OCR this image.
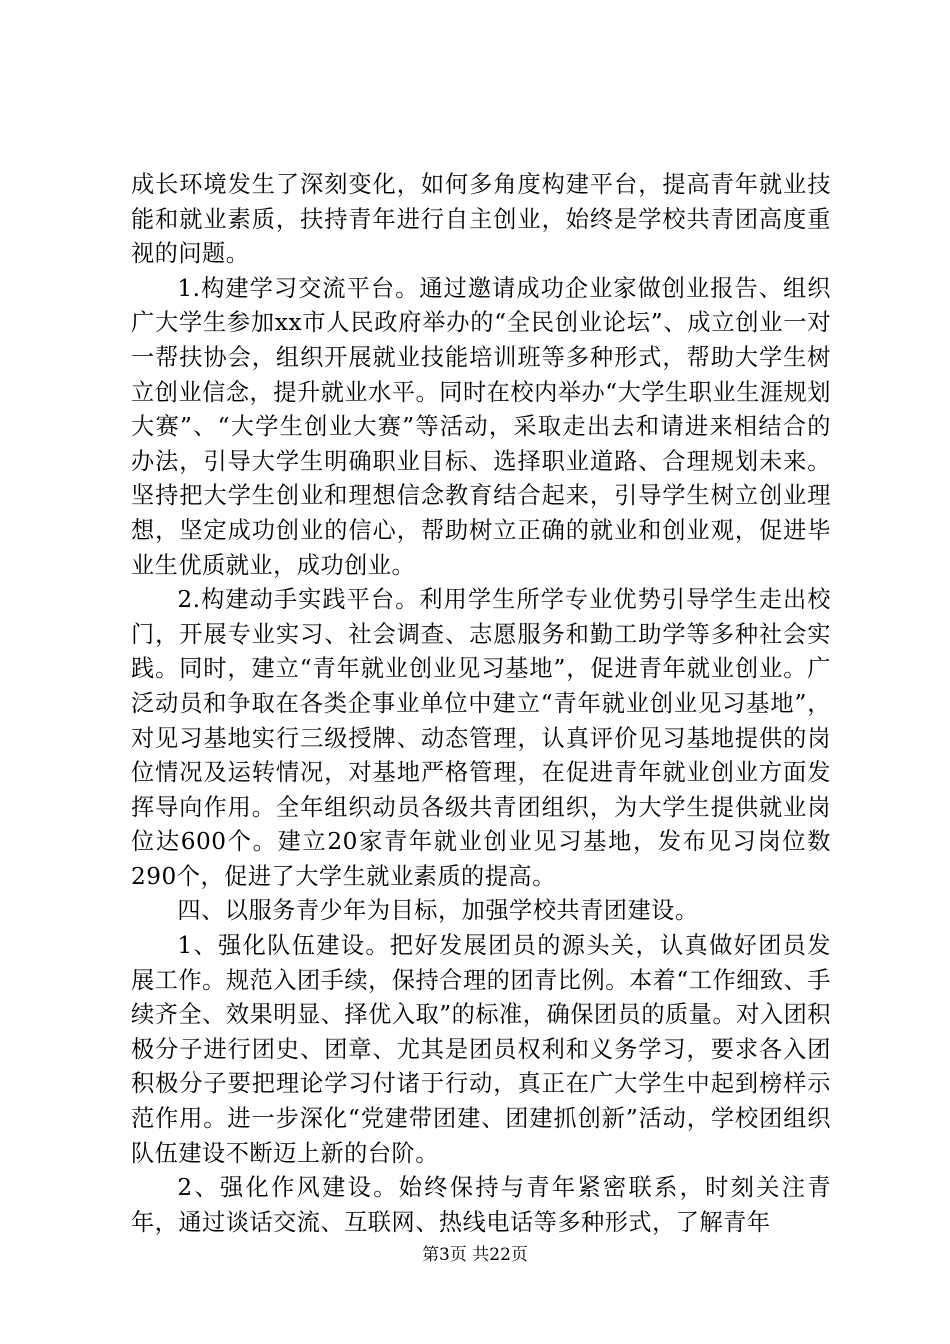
成长环境发生了深刻变化，如何多角度构建平台，提高青年就业技能和就业素质，扶持青年进行自主创业，始终是学校共青团高度重视的问题。

1.构建学习交流平台。通过邀请成功企业家做创业报告、组织广大学生参加xx市人民政府举办的“全民创业论坛”、成立创业一对一帮扶协会，组织开展就业技能培训班等多种形式，帮助大学生树立创业信念，提升就业水平。同时在校内举办“大学生职业生涯规划大赛”、“大学生创业大赛”等活动，采取走出去和请进来相结合的办法，引导大学生明确职业目标、选择职业道路、合理规划未来。坚持把大学生创业和理想信念教育结合起来，引导学生树立创业理想，坚定成功创业的信心，帮助树立正确的就业和创业观，促进毕业生优质就业，成功创业。

2.构建动手实践平台。利用学生所学专业优势引导学生走出校门，开展专业实习、社会调查、志愿服务和勤工助学等多种社会实践。同时，建立“青年就业创业见习基地”，促进青年就业创业。广泛动员和争取在各类企事业单位中建立“青年就业创业见习基地”，对见习基地实行三级授牌、动态管理，认真评价见习基地提供的岗位情况及运转情况，对基地严格管理，在促进青年就业创业方面发挥导向作用。全年组织动员各级共青团组织，为大学生提供就业岗位达600个。建立20家青年就业创业见习基地，发布见习岗位数290个，促进了大学生就业素质的提高。

四、以服务青少年为目标，加强学校共青团建设。

1、强化队伍建设。把好发展团员的源头关，认真做好团员发展工作。规范入团手续，保持合理的团青比例。本着“工作细致、手续齐全、效果明显、择优入取”的标准，确保团员的质量。对入团积极分子进行团史、团章、尤其是团员权利和义务学习，要求各入团积极分子要把理论学习付诸于行动，真正在广大学生中起到榜样示范作用。进一步深化“党建带团建、团建抓创新”活动，学校团组织队伍建设不断迈上新的台阶。

2、强化作风建设。始终保持与青年紧密联系，时刻关注青年，通过谈话交流、互联网、热线电话等多种形式，了解青年

第3页 共22页
